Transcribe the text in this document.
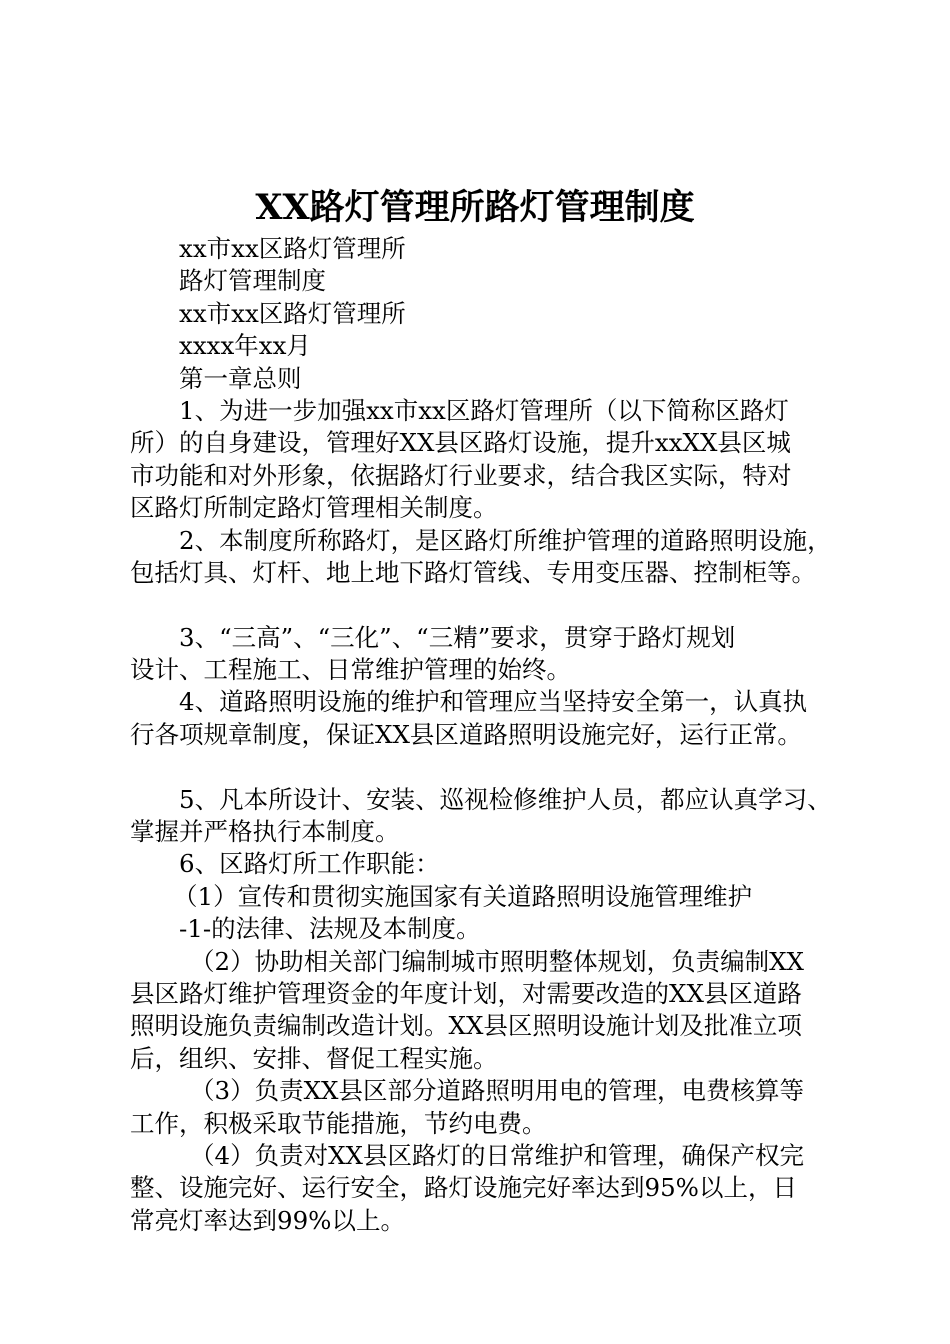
XX路灯管理所路灯管理制度
xx市xx区路灯管理所
路灯管理制度
xx市xx区路灯管理所
xxxx年xx月
第一章总则
1、为进一步加强xx市xx区路灯管理所（以下简称区路灯
所）的自身建设，管理好XX县区路灯设施，提升xxXX县区城
市功能和对外形象，依据路灯行业要求，结合我区实际，特对
区路灯所制定路灯管理相关制度。
2、本制度所称路灯，是区路灯所维护管理的道路照明设施，
包括灯具、灯杆、地上地下路灯管线、专用变压器、控制柜等。
3、“三高”、“三化”、“三精”要求，贯穿于路灯规划
设计、工程施工、日常维护管理的始终。
4、道路照明设施的维护和管理应当坚持安全第一，认真执
行各项规章制度，保证XX县区道路照明设施完好，运行正常。
5、凡本所设计、安装、巡视检修维护人员，都应认真学习、
掌握并严格执行本制度。
6、区路灯所工作职能：
（1）宣传和贯彻实施国家有关道路照明设施管理维护
-1-的法律、法规及本制度。
（2）协助相关部门编制城市照明整体规划，负责编制XX
县区路灯维护管理资金的年度计划，对需要改造的XX县区道路
照明设施负责编制改造计划。XX县区照明设施计划及批准立项
后，组织、安排、督促工程实施。
（3）负责XX县区部分道路照明用电的管理，电费核算等
工作，积极采取节能措施，节约电费。
（4）负责对XX县区路灯的日常维护和管理，确保产权完
整、设施完好、运行安全，路灯设施完好率达到95%以上，日
常亮灯率达到99%以上。
